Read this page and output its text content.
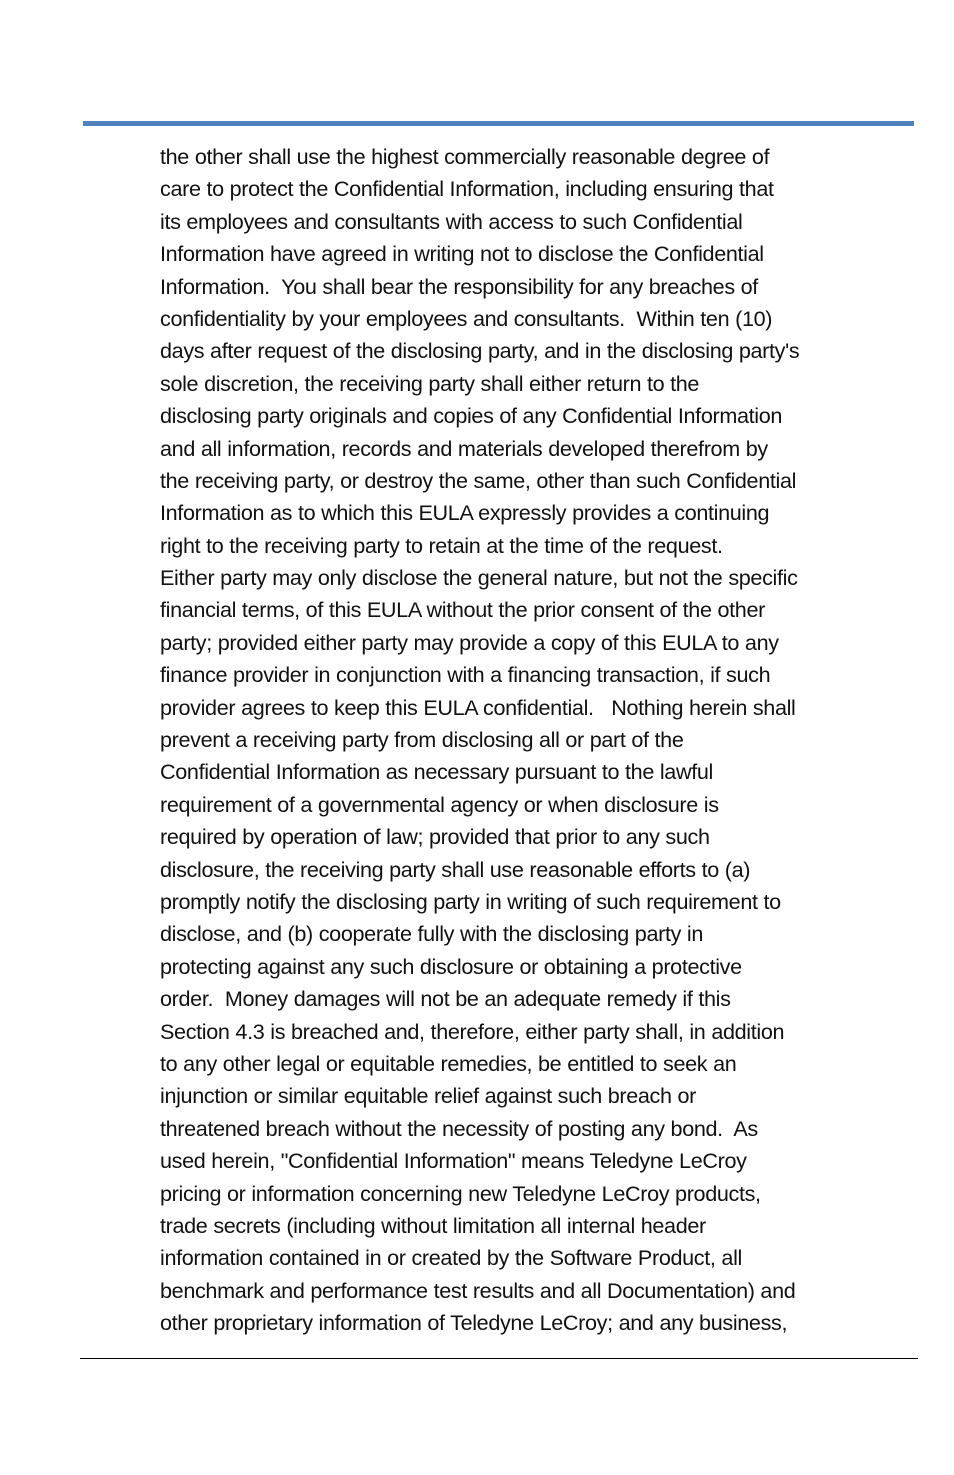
the other shall use the highest commercially reasonable degree of
care to protect the Confidential Information, including ensuring that
its employees and consultants with access to such Confidential
Information have agreed in writing not to disclose the Confidential
Information.  You shall bear the responsibility for any breaches of
confidentiality by your employees and consultants.  Within ten (10)
days after request of the disclosing party, and in the disclosing party's
sole discretion, the receiving party shall either return to the
disclosing party originals and copies of any Confidential Information
and all information, records and materials developed therefrom by
the receiving party, or destroy the same, other than such Confidential
Information as to which this EULA expressly provides a continuing
right to the receiving party to retain at the time of the request.
Either party may only disclose the general nature, but not the specific
financial terms, of this EULA without the prior consent of the other
party; provided either party may provide a copy of this EULA to any
finance provider in conjunction with a financing transaction, if such
provider agrees to keep this EULA confidential.   Nothing herein shall
prevent a receiving party from disclosing all or part of the
Confidential Information as necessary pursuant to the lawful
requirement of a governmental agency or when disclosure is
required by operation of law; provided that prior to any such
disclosure, the receiving party shall use reasonable efforts to (a)
promptly notify the disclosing party in writing of such requirement to
disclose, and (b) cooperate fully with the disclosing party in
protecting against any such disclosure or obtaining a protective
order.  Money damages will not be an adequate remedy if this
Section 4.3 is breached and, therefore, either party shall, in addition
to any other legal or equitable remedies, be entitled to seek an
injunction or similar equitable relief against such breach or
threatened breach without the necessity of posting any bond.  As
used herein, "Confidential Information" means Teledyne LeCroy
pricing or information concerning new Teledyne LeCroy products,
trade secrets (including without limitation all internal header
information contained in or created by the Software Product, all
benchmark and performance test results and all Documentation) and
other proprietary information of Teledyne LeCroy; and any business,
